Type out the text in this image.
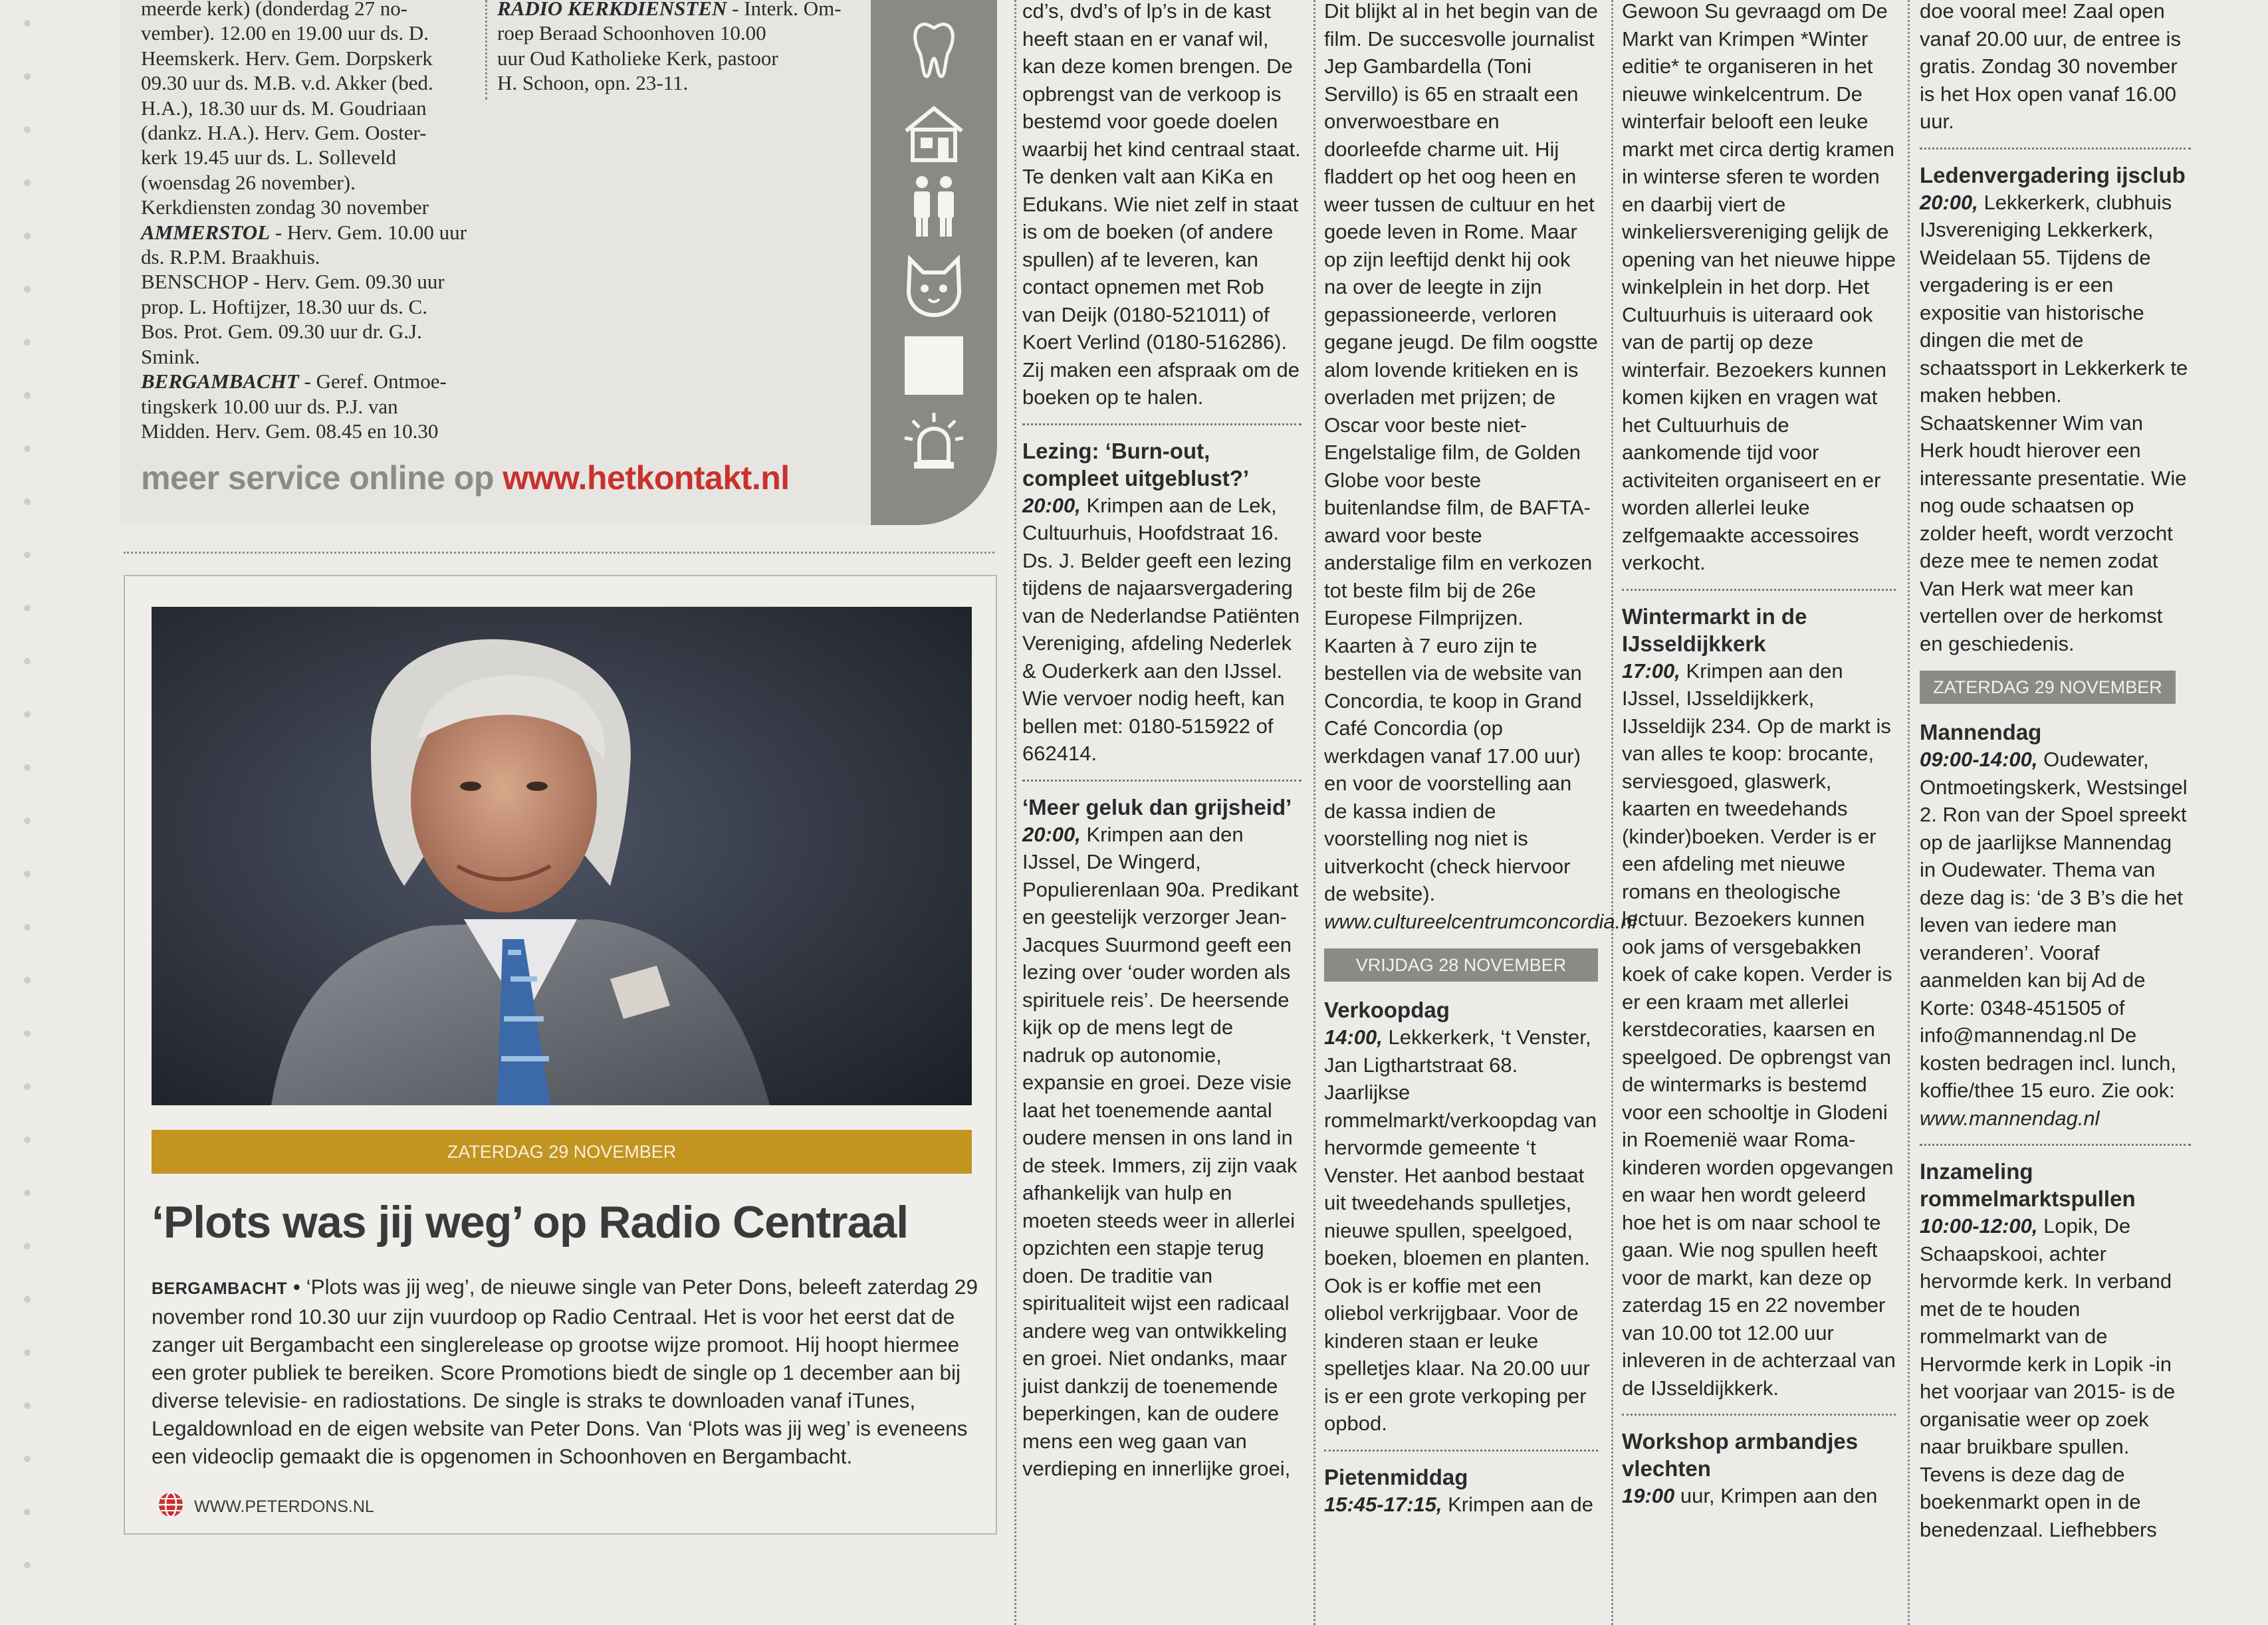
meerde kerk) (donderdag 27 no-
vember). 12.00 en 19.00 uur ds. D.
Heemskerk. Herv. Gem. Dorpskerk
09.30 uur ds. M.B. v.d. Akker (bed.
H.A.), 18.30 uur ds. M. Goudriaan
(dankz. H.A.). Herv. Gem. Ooster-
kerk 19.45 uur ds. L. Solleveld
(woensdag 26 november).
Kerkdiensten zondag 30 november
AMMERSTOL - Herv. Gem. 10.00 uur
ds. R.P.M. Braakhuis.
BENSCHOP - Herv. Gem. 09.30 uur
prop. L. Hoftijzer, 18.30 uur ds. C.
Bos. Prot. Gem. 09.30 uur dr. G.J.
Smink.
BERGAMBACHT - Geref. Ontmoe-
tingskerk 10.00 uur ds. P.J. van
Midden. Herv. Gem. 08.45 en 10.30
RADIO KERKDIENSTEN - Interk. Om-
roep Beraad Schoonhoven 10.00
uur Oud Katholieke Kerk, pastoor
H. Schoon, opn. 23-11.
meer service online op www.hetkontakt.nl
ZATERDAG 29 NOVEMBER
‘Plots was jij weg’ op Radio Centraal
BERGAMBACHT • ‘Plots was jij weg’, de nieuwe single van Peter Dons, beleeft zaterdag 29 november rond 10.30 uur zijn vuurdoop op Radio Centraal. Het is voor het eerst dat de zanger uit Bergambacht een singlerelease op grootse wijze promoot. Hij hoopt hiermee een groter publiek te bereiken. Score Promotions biedt de single op 1 december aan bij diverse televisie- en radiostations. De single is straks te downloaden vanaf iTunes, Legaldownload en de eigen website van Peter Dons. Van ‘Plots was jij weg’ is eveneens een videoclip gemaakt die is opgenomen in Schoonhoven en Bergambacht.
WWW.PETERDONS.NL

cd’s, dvd’s of lp’s in de kast heeft staan en er vanaf wil, kan deze komen brengen. De opbrengst van de verkoop is bestemd voor goede doelen waarbij het kind centraal staat. Te denken valt aan KiKa en Edukans. Wie niet zelf in staat is om de boeken (of andere spullen) af te leveren, kan contact opnemen met Rob van Deijk (0180-521011) of Koert Verlind (0180-516286). Zij maken een afspraak om de boeken op te halen.

Lezing: ‘Burn-out, compleet uitgeblust?’

20:00, Krimpen aan de Lek, Cultuurhuis, Hoofdstraat 16. Ds. J. Belder geeft een lezing tijdens de najaarsvergadering van de Nederlandse Patiënten Vereniging, afdeling Nederlek & Ouderkerk aan den IJssel. Wie vervoer nodig heeft, kan bellen met: 0180-515922 of 662414.

‘Meer geluk dan grijsheid’

20:00, Krimpen aan den IJssel, De Wingerd, Populierenlaan 90a. Predikant en geestelijk verzorger Jean-Jacques Suurmond geeft een lezing over ‘ouder worden als spirituele reis’. De heersende kijk op de mens legt de nadruk op autonomie, expansie en groei. Deze visie laat het toenemende aantal oudere mensen in ons land in de steek. Immers, zij zijn vaak afhankelijk van hulp en moeten steeds weer in allerlei opzichten een stapje terug doen. De traditie van spiritualiteit wijst een radicaal andere weg van ontwikkeling en groei. Niet ondanks, maar juist dankzij de toenemende beperkingen, kan de oudere mens een weg gaan van verdieping en innerlijke groei,

Dit blijkt al in het begin van de film. De succesvolle journalist Jep Gambardella (Toni Servillo) is 65 en straalt een onverwoestbare en doorleefde charme uit. Hij fladdert op het oog heen en weer tussen de cultuur en het goede leven in Rome. Maar op zijn leeftijd denkt hij ook na over de leegte in zijn gepassioneerde, verloren gegane jeugd. De film oogstte alom lovende kritieken en is overladen met prijzen; de Oscar voor beste niet-Engelstalige film, de Golden Globe voor beste buitenlandse film, de BAFTA-award voor beste anderstalige film en verkozen tot beste film bij de 26e Europese Filmprijzen. Kaarten à 7 euro zijn te bestellen via de website van Concordia, te koop in Grand Café Concordia (op werkdagen vanaf 17.00 uur) en voor de voorstelling aan de kassa indien de voorstelling nog niet is uitverkocht (check hiervoor de website).

www.cultureelcentrumconcordia.nl

VRIJDAG 28 NOVEMBER

Verkoopdag

14:00, Lekkerkerk, ‘t Venster, Jan Ligthartstraat 68. Jaarlijkse rommelmarkt/verkoopdag van hervormde gemeente ‘t Venster. Het aanbod bestaat uit tweedehands spulletjes, nieuwe spullen, speelgoed, boeken, bloemen en planten. Ook is er koffie met een oliebol verkrijgbaar. Voor de kinderen staan er leuke spelletjes klaar. Na 20.00 uur is er een grote verkoping per opbod.

Pietenmiddag

15:45-17:15, Krimpen aan de

Gewoon Su gevraagd om De Markt van Krimpen *Winter editie* te organiseren in het nieuwe winkelcentrum. De winterfair belooft een leuke markt met circa dertig kramen in winterse sferen te worden en daarbij viert de winkeliersvereniging gelijk de opening van het nieuwe hippe winkelplein in het dorp. Het Cultuurhuis is uiteraard ook van de partij op deze winterfair. Bezoekers kunnen komen kijken en vragen wat het Cultuurhuis de aankomende tijd voor activiteiten organiseert en er worden allerlei leuke zelfgemaakte accessoires verkocht.

Wintermarkt in de IJsseldijkkerk

17:00, Krimpen aan den IJssel, IJsseldijkkerk, IJsseldijk 234. Op de markt is van alles te koop: brocante, serviesgoed, glaswerk, kaarten en tweedehands (kinder)boeken. Verder is er een afdeling met nieuwe romans en theologische lectuur. Bezoekers kunnen ook jams of versgebakken koek of cake kopen. Verder is er een kraam met allerlei kerstdecoraties, kaarsen en speelgoed. De opbrengst van de wintermarks is bestemd voor een schooltje in Glodeni in Roemenië waar Roma-kinderen worden opgevangen en waar hen wordt geleerd hoe het is om naar school te gaan. Wie nog spullen heeft voor de markt, kan deze op zaterdag 15 en 22 november van 10.00 tot 12.00 uur inleveren in de achterzaal van de IJsseldijkkerk.

Workshop armbandjes vlechten

19:00 uur, Krimpen aan den

doe vooral mee! Zaal open vanaf 20.00 uur, de entree is gratis. Zondag 30 november is het Hox open vanaf 16.00 uur.

Ledenvergadering ijsclub

20:00, Lekkerkerk, clubhuis IJsvereniging Lekkerkerk, Weidelaan 55. Tijdens de vergadering is er een expositie van historische dingen die met de schaatssport in Lekkerkerk te maken hebben. Schaatskenner Wim van Herk houdt hierover een interessante presentatie. Wie nog oude schaatsen op zolder heeft, wordt verzocht deze mee te nemen zodat Van Herk wat meer kan vertellen over de herkomst en geschiedenis.

ZATERDAG 29 NOVEMBER

Mannendag

09:00-14:00, Oudewater, Ontmoetingskerk, Westsingel 2. Ron van der Spoel spreekt op de jaarlijkse Mannendag in Oudewater. Thema van deze dag is: ‘de 3 B’s die het leven van iedere man veranderen’. Vooraf aanmelden kan bij Ad de Korte: 0348-451505 of info@mannendag.nl De kosten bedragen incl. lunch, koffie/thee 15 euro. Zie ook:

www.mannendag.nl

Inzameling rommelmarktspullen

10:00-12:00, Lopik, De Schaapskooi, achter hervormde kerk. In verband met de te houden rommelmarkt van de Hervormde kerk in Lopik -in het voorjaar van 2015- is de organisatie weer op zoek naar bruikbare spullen. Tevens is deze dag de boekenmarkt open in de benedenzaal. Liefhebbers
